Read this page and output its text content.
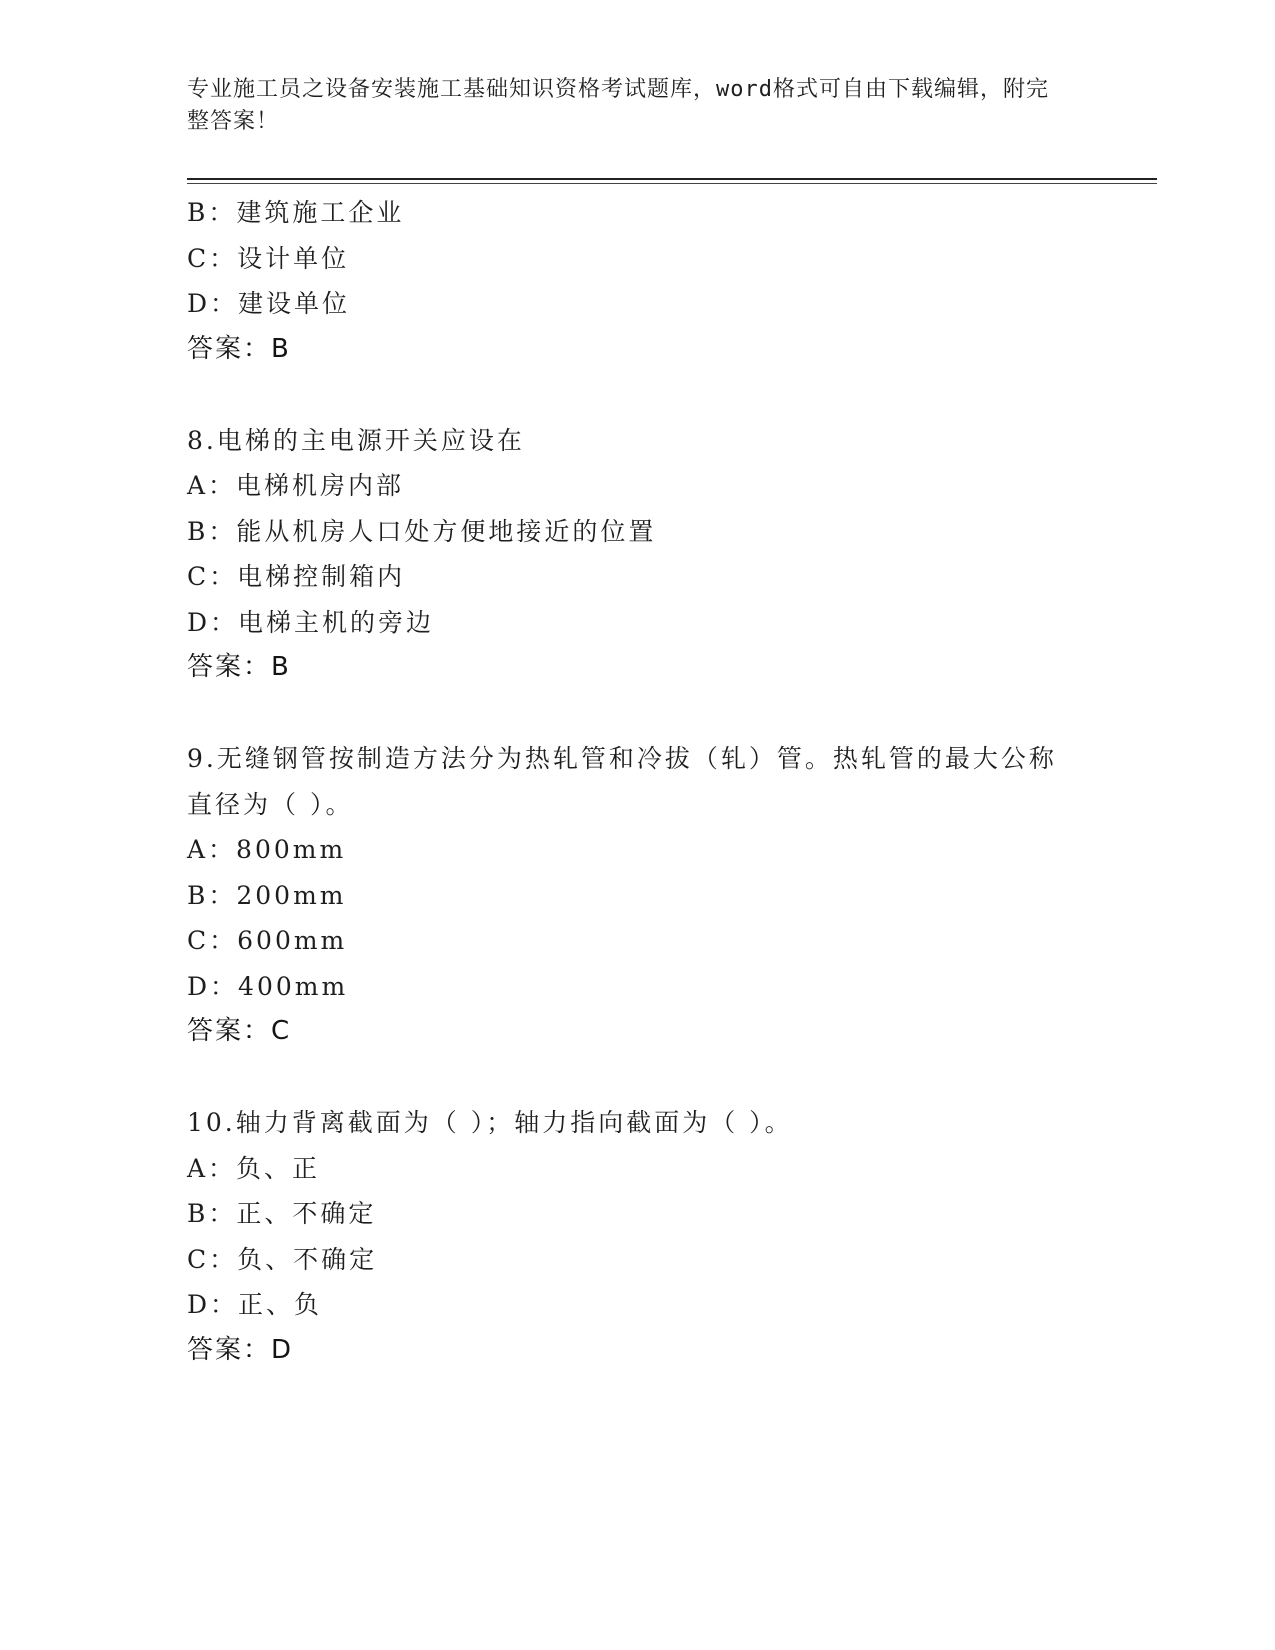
专业施工员之设备安装施工基础知识资格考试题库，word格式可自由下载编辑，附完整答案！
B：建筑施工企业
C：设计单位
D：建设单位
答案：B
8.电梯的主电源开关应设在
A：电梯机房内部
B：能从机房人口处方便地接近的位置
C：电梯控制箱内
D：电梯主机的旁边
答案：B
9.无缝钢管按制造方法分为热轧管和冷拔（轧）管。热轧管的最大公称直径为（ ）。
A：800mm
B：200mm
C：600mm
D：400mm
答案：C
10.轴力背离截面为（ ）；轴力指向截面为（ ）。
A：负、正
B：正、不确定
C：负、不确定
D：正、负
答案：D
